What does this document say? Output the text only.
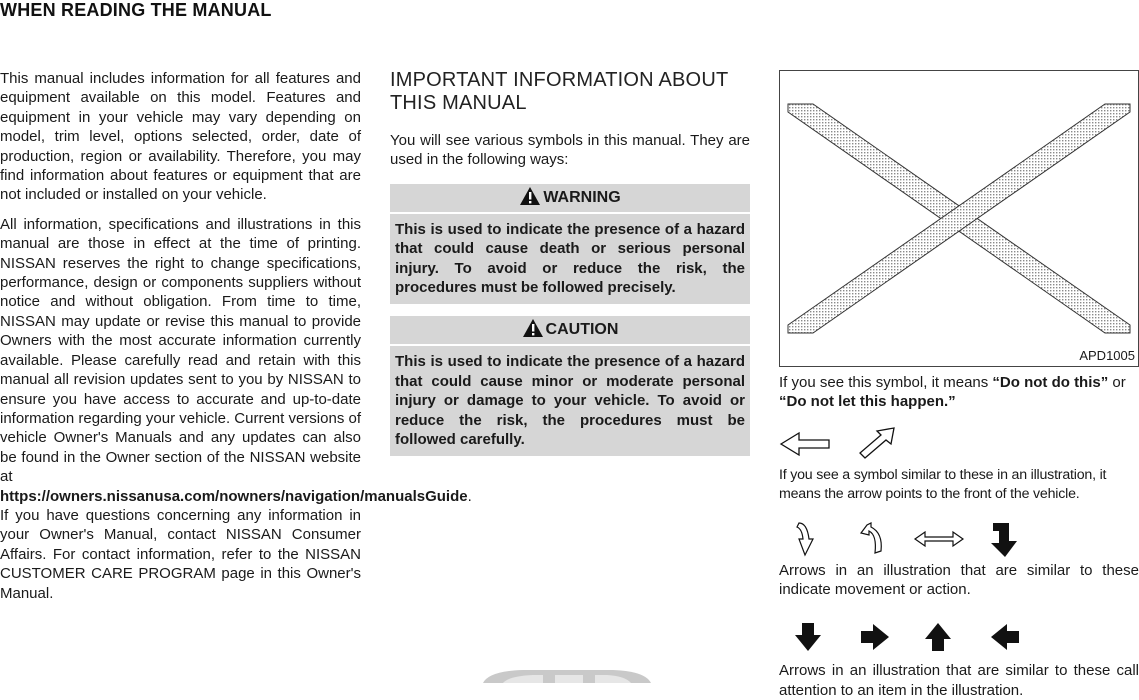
WHEN READING THE MANUAL

This manual includes information for all features and equipment available on this model. Features and equipment in your vehicle may vary depending on model, trim level, options selected, order, date of production, region or availability. Therefore, you may find information about features or equipment that are not included or installed on your vehicle.

All information, specifications and illustrations in this manual are those in effect at the time of printing. NISSAN reserves the right to change specifications, performance, design or components suppliers without notice and without obligation. From time to time, NISSAN may update or revise this manual to provide Owners with the most accurate information currently available. Please carefully read and retain with this manual all revision updates sent to you by NISSAN to ensure you have access to accurate and up-to-date information regarding your vehicle. Current versions of vehicle Owner's Manuals and any updates can also be found in the Owner section of the NISSAN website at https://owners.nissanusa.com/nowners/navigation/manualsGuide. If you have questions concerning any information in your Owner's Manual, contact NISSAN Consumer Affairs. For contact information, refer to the NISSAN CUSTOMER CARE PROGRAM page in this Owner's Manual.

IMPORTANT INFORMATION ABOUT THIS MANUAL

You will see various symbols in this manual. They are used in the following ways:

WARNING
This is used to indicate the presence of a hazard that could cause death or serious personal injury. To avoid or reduce the risk, the procedures must be followed precisely.
CAUTION
This is used to indicate the presence of a hazard that could cause minor or moderate personal injury or damage to your vehicle. To avoid or reduce the risk, the procedures must be followed carefully.
APD1005

If you see this symbol, it means “Do not do this” or “Do not let this happen.”

If you see a symbol similar to these in an illustration, it means the arrow points to the front of the vehicle.

Arrows in an illustration that are similar to these indicate movement or action.

Arrows in an illustration that are similar to these call attention to an item in the illustration.
